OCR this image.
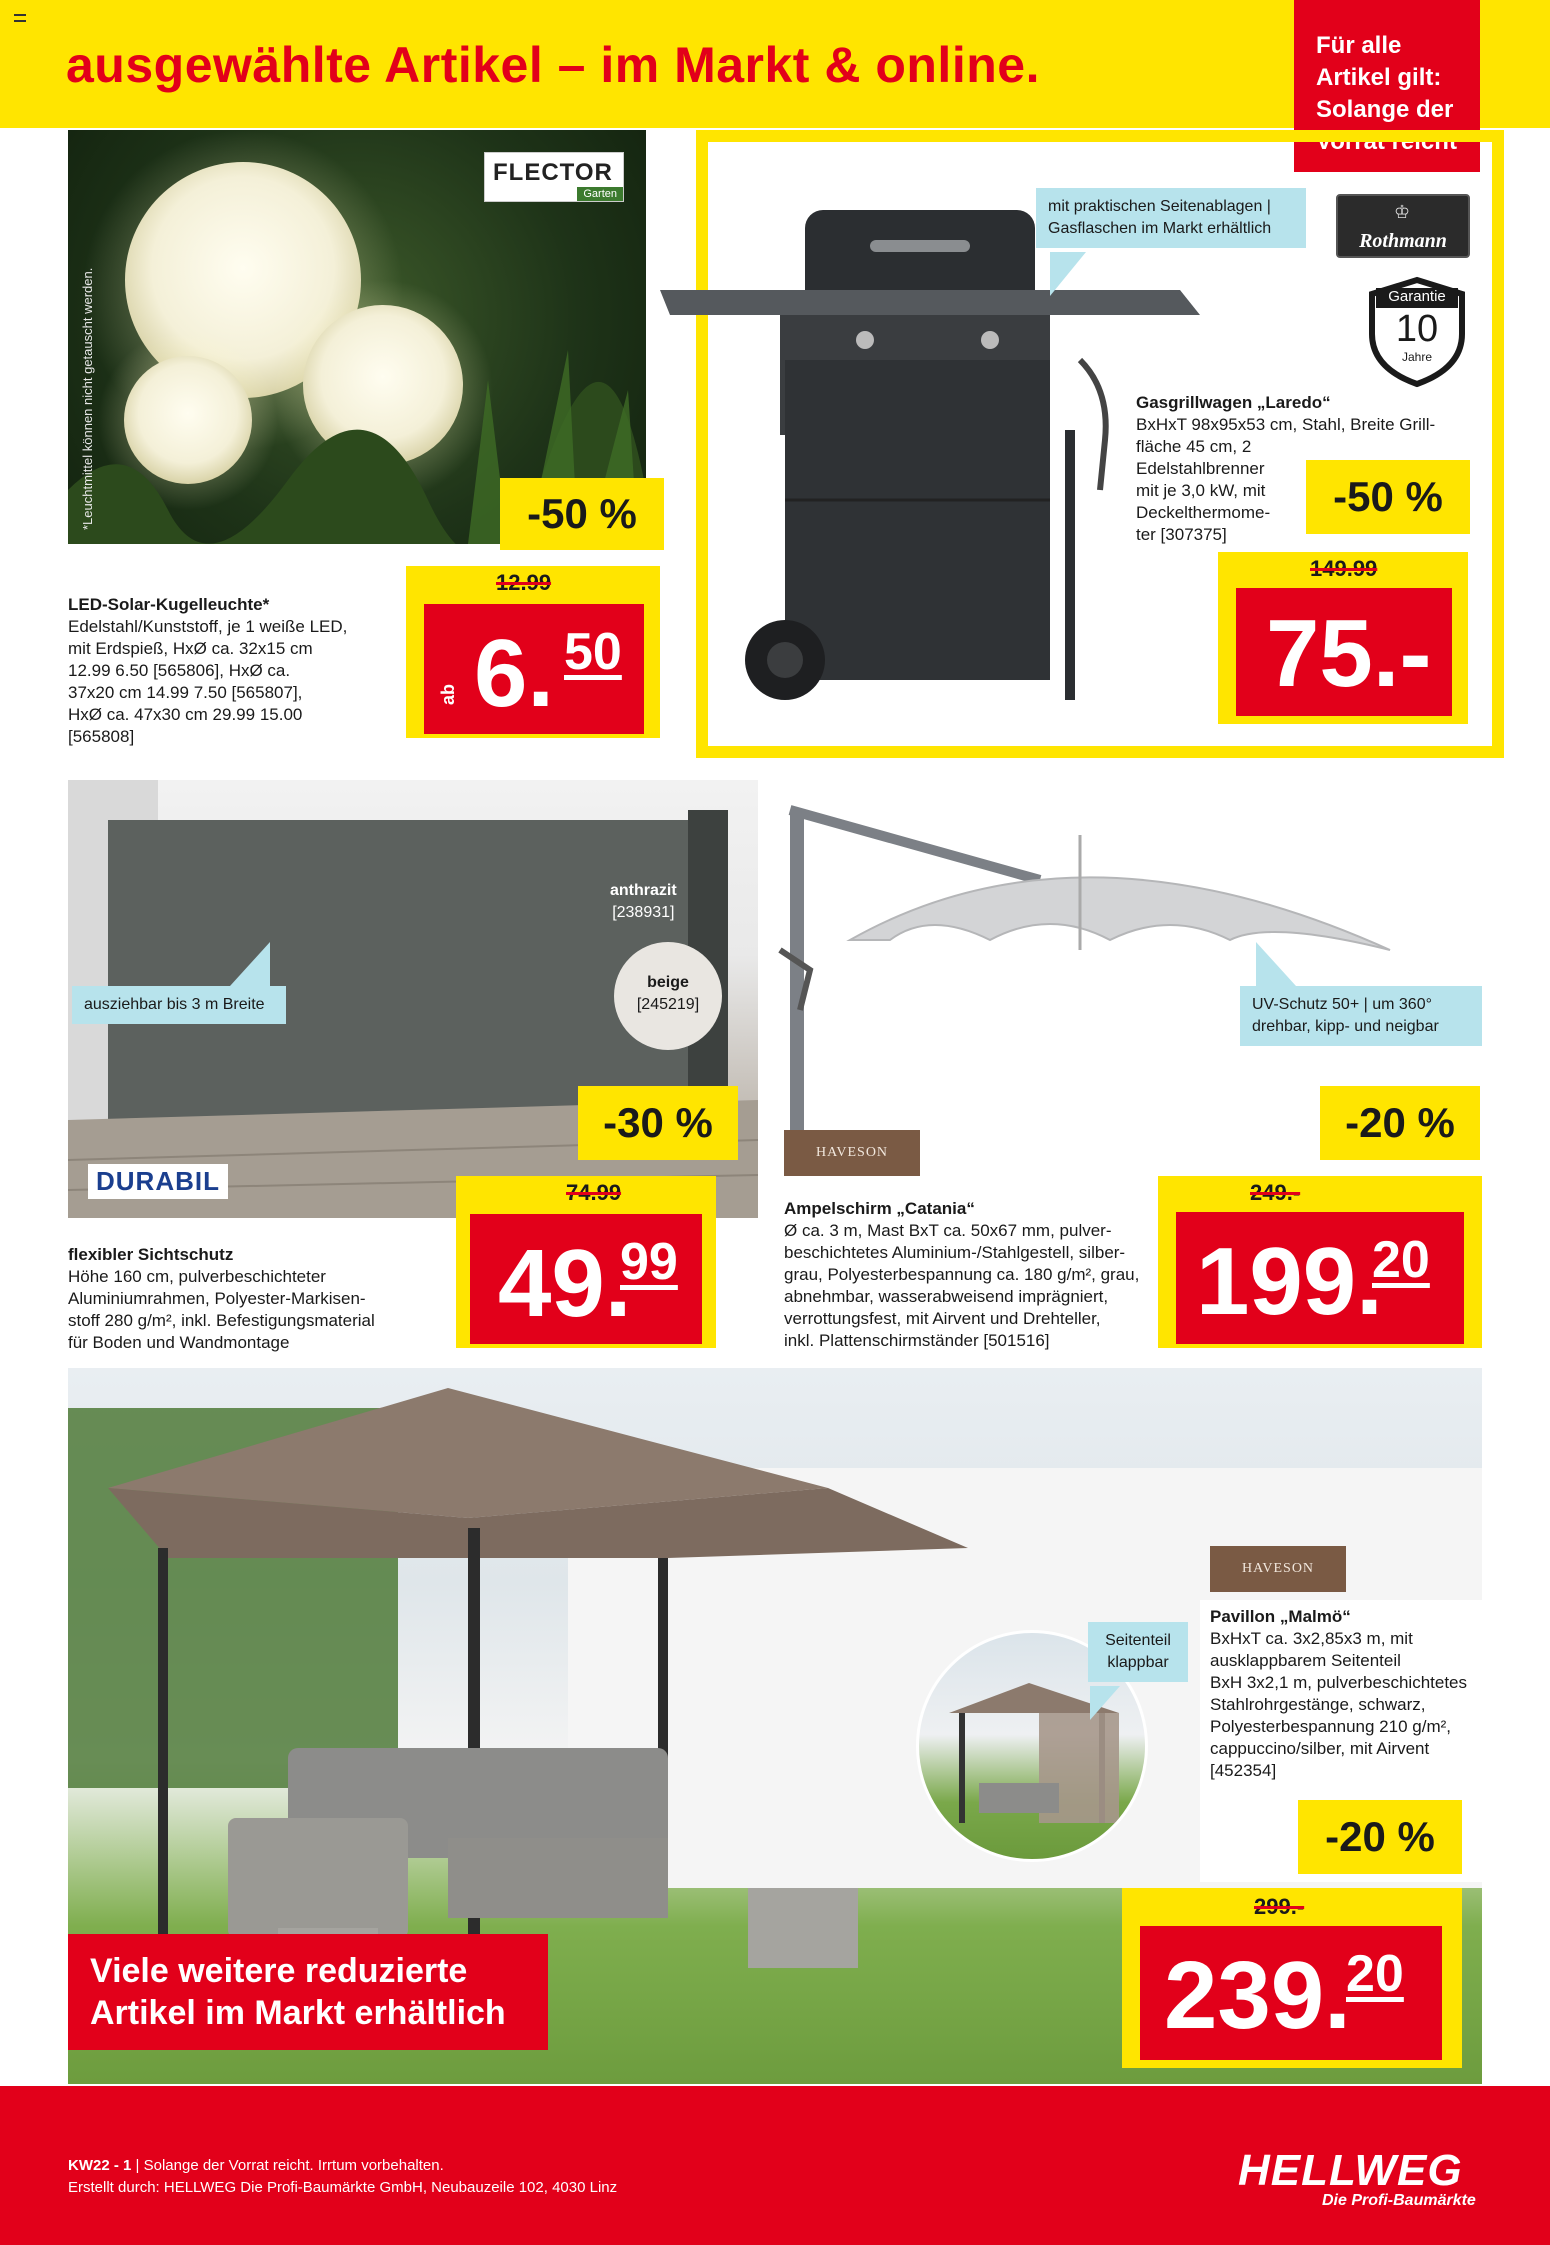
ausgewählte Artikel – im Markt & online.	Für alle
Artikel gilt:
Solange der
Vorrat reicht
*Leuchtmittel können nicht getauscht werden.
FLECTOR
Garten
-50 %
12.99
ab 6. 50
LED-Solar-Kugelleuchte*
Edelstahl/Kunststoff, je 1 weiße LED,
mit Erdspieß, HxØ ca. 32x15 cm
12.99 6.50 [565806], HxØ ca.
37x20 cm 14.99 7.50 [565807],
HxØ ca. 47x30 cm 29.99 15.00
[565808]
mit praktischen Seitenablagen | Gasflaschen im Markt erhältlich
♔
Rothmann
Garantie
10
Jahre
Gasgrillwagen „Laredo“
BxHxT 98x95x53 cm, Stahl, Breite Grill-
fläche 45 cm, 2
Edelstahlbrenner
mit je 3,0 kW, mit
Deckelthermome-
ter [307375]
-50 %
149.99
75.-
ausziehbar bis 3 m Breite
anthrazit
[238931]
beige
[245219]
DURABIL
-30 %
74.99
49.
99
flexibler Sichtschutz
Höhe 160 cm, pulverbeschichteter
Aluminiumrahmen, Polyester-Markisen-
stoff 280 g/m², inkl. Befestigungsmaterial
für Boden und Wandmontage
UV-Schutz 50+ | um 360° drehbar, kipp- und neigbar
HAVESON
-20 %
249.-
199.
20
Ampelschirm „Catania“
Ø ca. 3 m, Mast BxT ca. 50x67 mm, pulver-
beschichtetes Aluminium-/Stahlgestell, silber-
grau, Polyesterbespannung ca. 180 g/m², grau,
abnehmbar, wasserabweisend imprägniert,
verrottungsfest, mit Airvent und Drehteller,
inkl. Plattenschirmständer [501516]
Seitenteil klappbar
HAVESON
Pavillon „Malmö“
BxHxT ca. 3x2,85x3 m, mit
ausklappbarem Seitenteil
BxH 3x2,1 m, pulverbeschichtetes
Stahlrohrgestänge, schwarz,
Polyesterbespannung 210 g/m²,
cappuccino/silber, mit Airvent
[452354]
-20 %
299.-
239.
20
Viele weitere reduzierte
Artikel im Markt erhältlich
KW22 - 1 | Solange der Vorrat reicht. Irrtum vorbehalten.
Erstellt durch: HELLWEG Die Profi-Baumärkte GmbH, Neubauzeile 102, 4030 Linz	HELLWEG
Die Profi-Baumärkte
